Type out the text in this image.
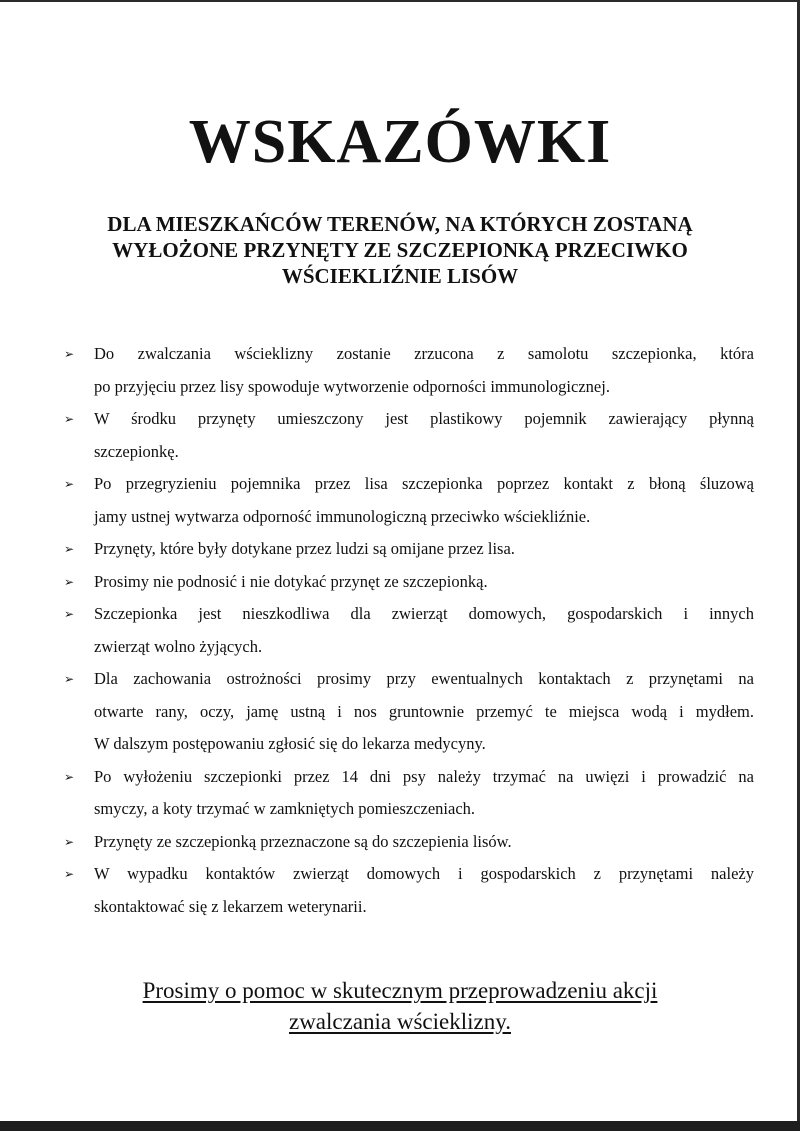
WSKAZÓWKI
DLA MIESZKAŃCÓW TERENÓW, NA KTÓRYCH ZOSTANĄ
WYŁOŻONE PRZYNĘTY ZE SZCZEPIONKĄ PRZECIWKO
WŚCIEKLIŹNIE LISÓW
➢ Do zwalczania wścieklizny zostanie zrzucona z samolotu szczepionka, która
po przyjęciu przez lisy spowoduje wytworzenie odporności immunologicznej.
➢ W środku przynęty umieszczony jest plastikowy pojemnik zawierający płynną
szczepionkę.
➢ Po przegryzieniu pojemnika przez lisa szczepionka poprzez kontakt z błoną śluzową
jamy ustnej wytwarza odporność immunologiczną przeciwko wściekliźnie.
➢ Przynęty, które były dotykane przez ludzi są omijane przez lisa.
➢ Prosimy nie podnosić i nie dotykać przynęt ze szczepionką.
➢ Szczepionka jest nieszkodliwa dla zwierząt domowych, gospodarskich i innych
zwierząt wolno żyjących.
➢ Dla zachowania ostrożności prosimy przy ewentualnych kontaktach z przynętami na
otwarte rany, oczy, jamę ustną i nos gruntownie przemyć te miejsca wodą i mydłem.
W dalszym postępowaniu zgłosić się do lekarza medycyny.
➢ Po wyłożeniu szczepionki przez 14 dni psy należy trzymać na uwięzi i prowadzić na
smyczy, a koty trzymać w zamkniętych pomieszczeniach.
➢ Przynęty ze szczepionką przeznaczone są do szczepienia lisów.
➢ W wypadku kontaktów zwierząt domowych i gospodarskich z przynętami należy
skontaktować się z lekarzem weterynarii.
Prosimy o pomoc w skutecznym przeprowadzeniu akcji
zwalczania wścieklizny.
